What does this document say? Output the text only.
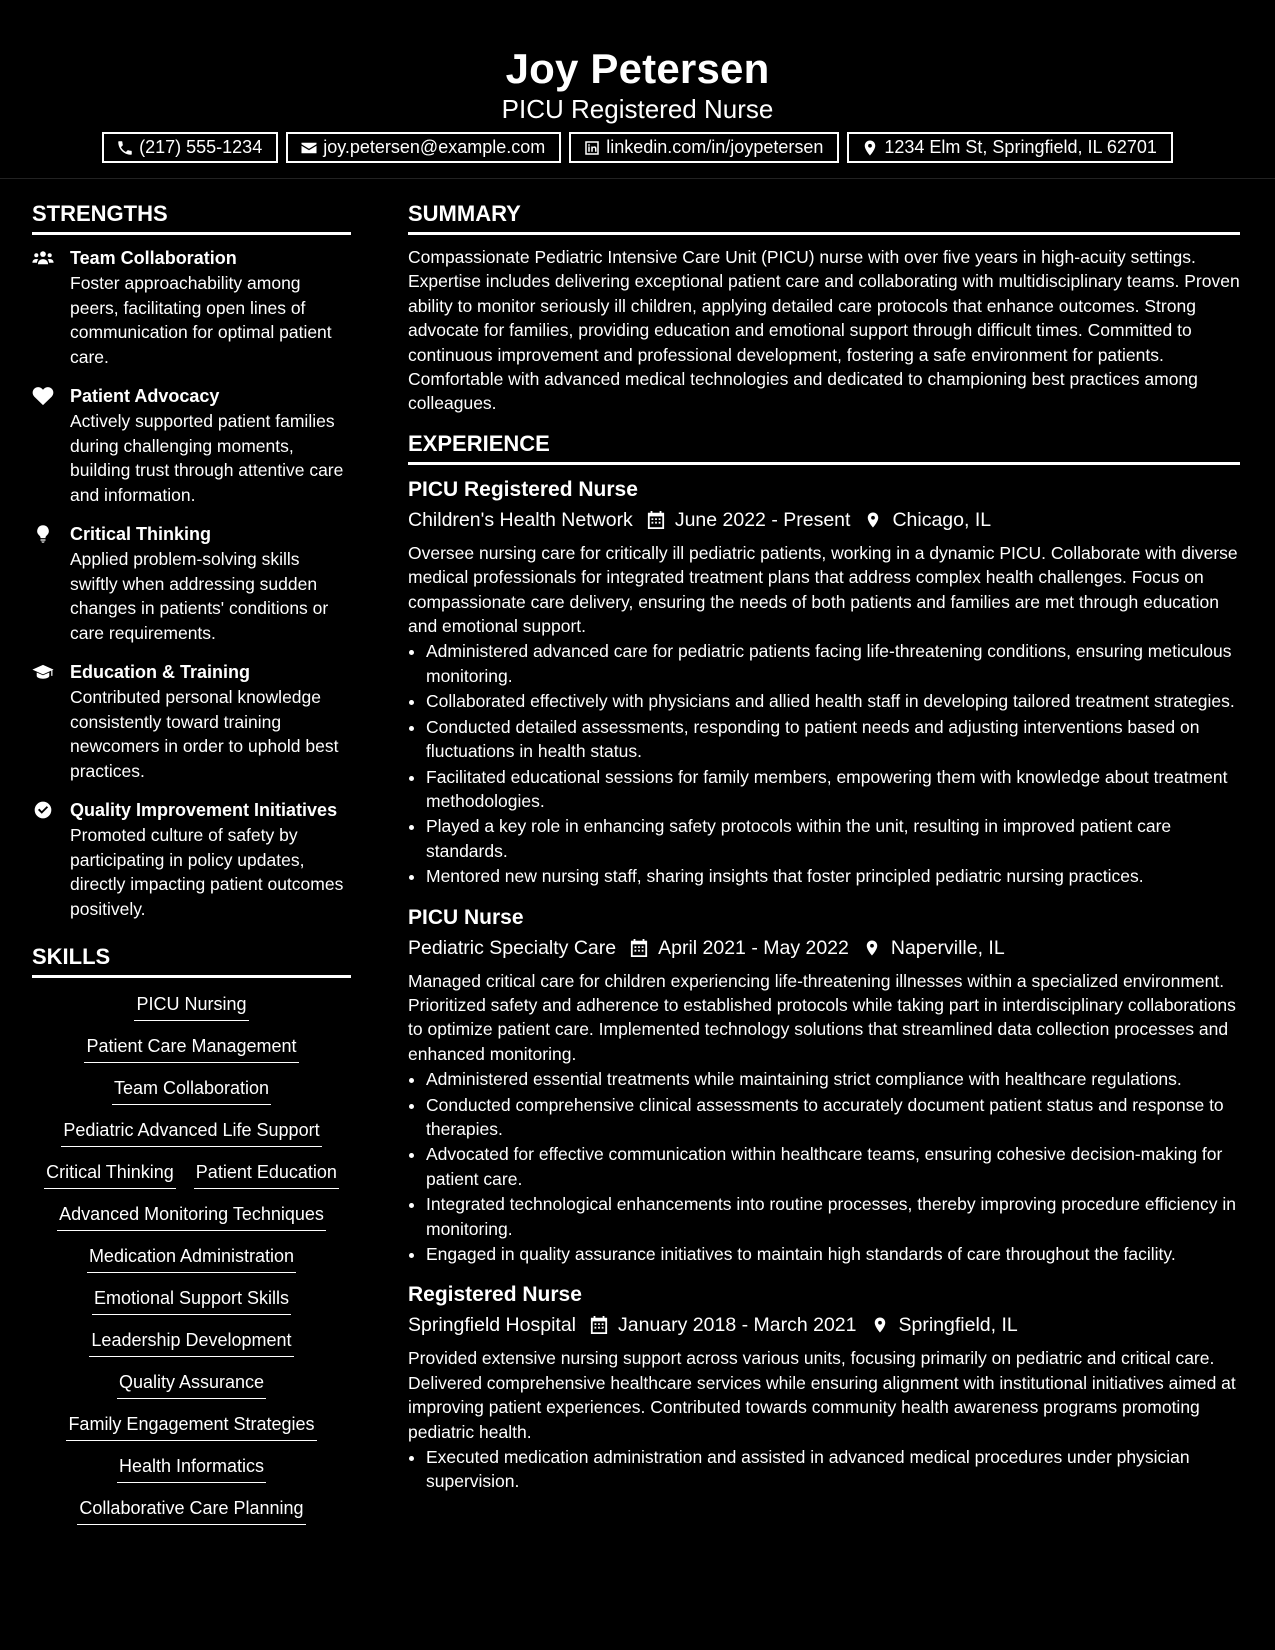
Joy Petersen
PICU Registered Nurse
(217) 555-1234	joy.petersen@example.com	linkedin.com/in/joypetersen	1234 Elm St, Springfield, IL 62701
STRENGTHS
Team Collaboration
Foster approachability among peers, facilitating open lines of communication for optimal patient care.
Patient Advocacy
Actively supported patient families during challenging moments, building trust through attentive care and information.
Critical Thinking
Applied problem-solving skills swiftly when addressing sudden changes in patients' conditions or care requirements.
Education & Training
Contributed personal knowledge consistently toward training newcomers in order to uphold best practices.
Quality Improvement Initiatives
Promoted culture of safety by participating in policy updates, directly impacting patient outcomes positively.
SKILLS
PICU Nursing
Patient Care Management
Team Collaboration
Pediatric Advanced Life Support
Critical Thinking Patient Education
Advanced Monitoring Techniques
Medication Administration
Emotional Support Skills
Leadership Development
Quality Assurance
Family Engagement Strategies
Health Informatics
Collaborative Care Planning
SUMMARY
Compassionate Pediatric Intensive Care Unit (PICU) nurse with over five years in high-acuity settings. Expertise includes delivering exceptional patient care and collaborating with multidisciplinary teams. Proven ability to monitor seriously ill children, applying detailed care protocols that enhance outcomes. Strong advocate for families, providing education and emotional support through difficult times. Committed to continuous improvement and professional development, fostering a safe environment for patients. Comfortable with advanced medical technologies and dedicated to championing best practices among colleagues.
EXPERIENCE
PICU Registered Nurse
Children's Health Network June 2022 - Present Chicago, IL
Oversee nursing care for critically ill pediatric patients, working in a dynamic PICU. Collaborate with diverse medical professionals for integrated treatment plans that address complex health challenges. Focus on compassionate care delivery, ensuring the needs of both patients and families are met through education and emotional support.
• Administered advanced care for pediatric patients facing life-threatening conditions, ensuring meticulous monitoring.
• Collaborated effectively with physicians and allied health staff in developing tailored treatment strategies.
• Conducted detailed assessments, responding to patient needs and adjusting interventions based on fluctuations in health status.
• Facilitated educational sessions for family members, empowering them with knowledge about treatment methodologies.
• Played a key role in enhancing safety protocols within the unit, resulting in improved patient care standards.
• Mentored new nursing staff, sharing insights that foster principled pediatric nursing practices.
PICU Nurse
Pediatric Specialty Care April 2021 - May 2022 Naperville, IL
Managed critical care for children experiencing life-threatening illnesses within a specialized environment. Prioritized safety and adherence to established protocols while taking part in interdisciplinary collaborations to optimize patient care. Implemented technology solutions that streamlined data collection processes and enhanced monitoring.
• Administered essential treatments while maintaining strict compliance with healthcare regulations.
• Conducted comprehensive clinical assessments to accurately document patient status and response to therapies.
• Advocated for effective communication within healthcare teams, ensuring cohesive decision-making for patient care.
• Integrated technological enhancements into routine processes, thereby improving procedure efficiency in monitoring.
• Engaged in quality assurance initiatives to maintain high standards of care throughout the facility.
Registered Nurse
Springfield Hospital January 2018 - March 2021 Springfield, IL
Provided extensive nursing support across various units, focusing primarily on pediatric and critical care. Delivered comprehensive healthcare services while ensuring alignment with institutional initiatives aimed at improving patient experiences. Contributed towards community health awareness programs promoting pediatric health.
• Executed medication administration and assisted in advanced medical procedures under physician supervision.
